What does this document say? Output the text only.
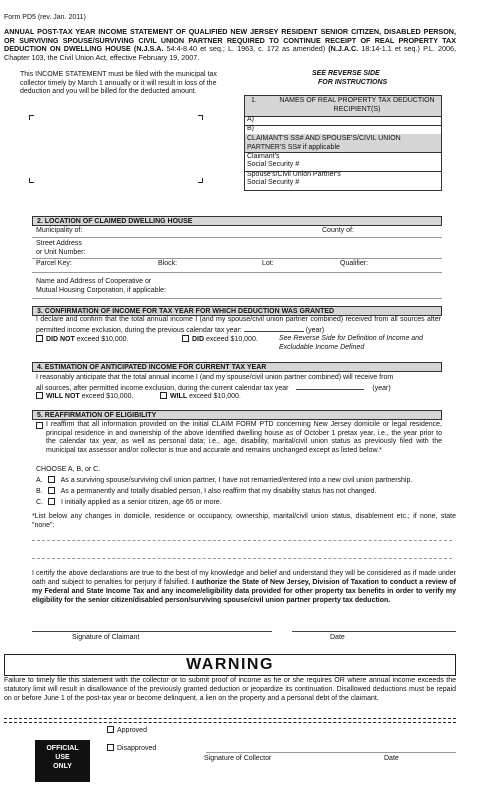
Form PD5 (rev. Jan. 2011)
ANNUAL POST-TAX YEAR INCOME STATEMENT OF QUALIFIED NEW JERSEY RESIDENT SENIOR CITIZEN, DISABLED PERSON, OR SURVIVING SPOUSE/SURVIVING CIVIL UNION PARTNER REQUIRED TO CONTINUE RECEIPT OF REAL PROPERTY TAX DEDUCTION ON DWELLING HOUSE (N.J.S.A. 54:4-8.40 et seq.; L. 1963, c. 172 as amended) (N.J.A.C. 18:14-1.1 et seq.) P.L. 2006, Chapter 103, the Civil Union Act, effective February 19, 2007.
This INCOME STATEMENT must be filed with the municipal tax collector timely by March 1 annually or it will result in loss of the deduction and you will be billed for the deducted amount.
SEE REVERSE SIDE
FOR INSTRUCTIONS
1.	NAMES OF REAL PROPERTY TAX DEDUCTION RECIPIENT(S)
A)
B)
CLAIMANT'S SS# AND SPOUSE'S/CIVIL UNION PARTNER'S SS# if applicable
Claimant's
Social Security #
Spouse's/Civil Union Partner's
Social Security #
2. LOCATION OF CLAIMED DWELLING HOUSE
Municipality of:	County of:
Street Address
or Unit Number:
Parcel Key:	Block:	Lot:	Qualifier:
Name and Address of Cooperative or
Mutual Housing Corporation, if applicable:
3. CONFIRMATION OF INCOME FOR TAX YEAR FOR WHICH DEDUCTION WAS GRANTED
I declare and confirm that the total annual income I (and my spouse/civil union partner combined) received from all sources after permitted income exclusion, during the previous calendar tax year:	(year)
DID NOT exceed $10,000.	DID exceed $10,000.	See Reverse Side for Definition of Income and
Excludable Income Defined
4. ESTIMATION OF ANTICIPATED INCOME FOR CURRENT TAX YEAR
I reasonably anticipate that the total annual income I (and my spouse/civil union partner combined) will receive from
all sources, after permitted income exclusion, during the current calendar tax year	(year)
WILL NOT exceed $10,000.	WILL exceed $10,000.
5. REAFFIRMATION OF ELIGIBILITY
I reaffirm that all information provided on the initial CLAIM FORM PTD concerning New Jersey domicile or legal residence, principal residence in and ownership of the above identified dwelling house as of October 1 pretax year, i.e., the year prior to the calendar tax year, as well as personal data; i.e., age, disability, marital/civil union status as previously filed with the municipal tax assessor and/or collector is true and accurate and remains unchanged except as listed below.*
CHOOSE A, B, or C.
A.	As a surviving spouse/surviving civil union partner, I have not remarried/entered into a new civil union partnership.
B.	As a permanently and totally disabled person, I also reaffirm that my disability status has not changed.
C.	I initially applied as a senior citizen, age 65 or more.
*List below any changes in domicile, residence or occupancy, ownership, marital/civil union status, disablement etc.; if none, state "none":
I certify the above declarations are true to the best of my knowledge and belief and understand they will be considered as if made under oath and subject to penalties for perjury if falsified. I authorize the State of New Jersey, Division of Taxation to conduct a review of my Federal and State Income Tax and any income/eligibility data provided for other property tax benefits in order to verify my eligibility for the senior citizen/disabled person/surviving spouse/civil union partner property tax deduction.
Signature of Claimant	Date
WARNING
Failure to timely file this statement with the collector or to submit proof of income as he or she requires OR where annual income exceeds the statutory limit will result in disallowance of the previously granted deduction or jeopardize its continuation. Disallowed deductions must be repaid on or before June 1 of the post-tax year or become delinquent, a lien on the property and a personal debt of the claimant.
OFFICIAL
USE
ONLY
Approved
Disapproved
Signature of Collector	Date
